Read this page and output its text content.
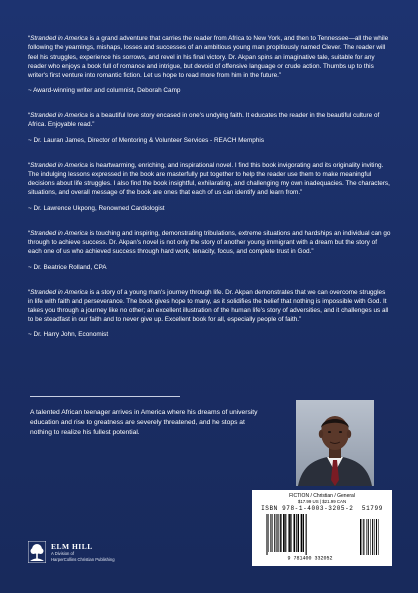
“Stranded in America is a grand adventure that carries the reader from Africa to New York, and then to Tennessee—all the while following the yearnings, mishaps, losses and successes of an ambitious young man propitiously named Clever. The reader will feel his struggles, experience his sorrows, and revel in his final victory. Dr. Akpan spins an imaginative tale, suitable for any reader who enjoys a book full of romance and intrigue, but devoid of offensive language or crude action. Thumbs up to this writer's first venture into romantic fiction. Let us hope to read more from him in the future.”

~ Award-winning writer and columnist, Deborah Camp

“Stranded in America is a beautiful love story encased in one's undying faith. It educates the reader in the beautiful culture of Africa. Enjoyable read.”

~ Dr. Lauran James, Director of Mentoring & Volunteer Services - REACH Memphis

“Stranded in America is heartwarming, enriching, and inspirational novel. I find this book invigorating and its originality inviting. The indulging lessons expressed in the book are masterfully put together to help the reader use them to make meaningful decisions about life struggles. I also find the book insightful, exhilarating, and challenging my own inadequacies. The characters, situations, and overall message of the book are ones that each of us can identify and learn from.”

~ Dr. Lawrence Ukpong, Renowned Cardiologist

“Stranded in America is touching and inspiring, demonstrating tribulations, extreme situations and hardships an individual can go through to achieve success. Dr. Akpan's novel is not only the story of another young immigrant with a dream but the story of each one of us who achieved success through hard work, tenacity, focus, and complete trust in God.”

~ Dr. Beatrice Rolland, CPA

“Stranded in America is a story of a young man's journey through life. Dr. Akpan demonstrates that we can overcome struggles in life with faith and perseverance. The book gives hope to many, as it solidifies the belief that nothing is impossible with God. It takes you through a journey like no other; an excellent illustration of the human life's story of adversities, and it challenges us all to be steadfast in our faith and to never give up. Excellent book for all, especially people of faith.”

~ Dr. Harry John, Economist

A talented African teenager arrives in America where his dreams of university education and rise to greatness are severely threatened, and he stops at nothing to realize his fullest potential.
ELM HILL
A Division of
HarperCollins Christian Publishing
FICTION / Christian / General
$17.99 US | $21.99 CAN
ISBN 978-1-4003-3205-2 51799
9 781400 332052
